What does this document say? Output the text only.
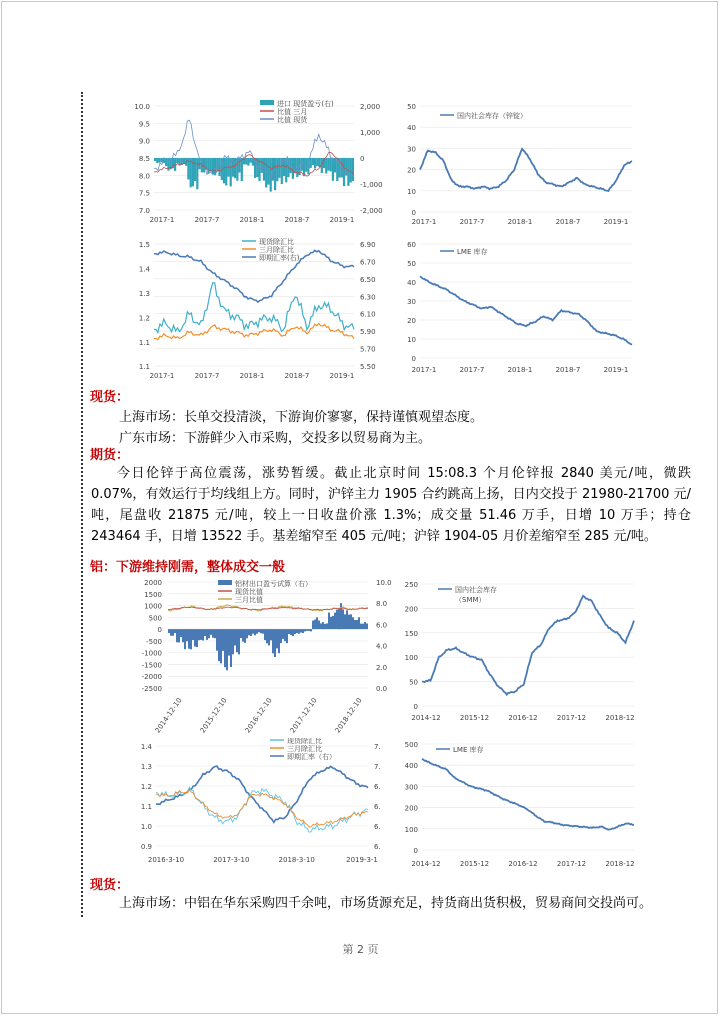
10.0
9.5
9.0
8.5
8.0
7.5
7.0
2,000
1,000
0
-1,000
-2,000
2017-1	2017-7	2018-1	2018-7	2019-1
进口 现货盈亏(右)
比值 三月
比值 现货
50
40
30
20
10
0
2017-1	2017-7	2018-1	2018-7	2019-1
国内社会库存（锌锭）
1.5
1.4
1.3
1.2
1.1
1.1
6.90
6.70
6.50
6.30
6.10
5.90
5.70
5.50
2017-1	2017-7	2018-1	2018-7	2019-1
现货除汇比
三月除汇比
即期汇率(右)
60
50
40
30
20
10
0
2017-1	2017-7	2018-1	2018-7	2019-1
LME 库存
现货：
上海市场：长单交投清淡，下游询价寥寥，保持谨慎观望态度。
广东市场：下游鲜少入市采购，交投多以贸易商为主。
期货：
今日伦锌于高位震荡，涨势暂缓。截止北京时间 15:08.3 个月伦锌报 2840 美元/吨，微跌 0.07%，有效运行于均线组上方。同时，沪锌主力 1905 合约跳高上扬，日内交投于 21980-21700 元/吨，尾盘收 21875 元/吨，较上一日收盘价涨 1.3%；成交量 51.46 万手，日增 10 万手；持仓 243464 手，日增 13522 手。基差缩窄至 405 元/吨；沪锌 1904-05 月价差缩窄至 285 元/吨。
铝：下游维持刚需，整体成交一般
2000
1500
1000
500
0
-500
-1000
-1500
-2000
-2500
10.0
8.0
6.0
4.0
2.0
0.0
2014-12-10 2015-12-10 2016-12-10 2017-12-10 2018-12-10
铝材出口盈亏试算（右）
现货比值
三月比值
250
200
150
100
50
0
2014-12	2015-12	2016-12	2017-12	2018-12
国内社会库存
（SMM）
1.4
1.3
1.2
1.1
1.0
0.9
7.
7.
6.
6.
6.
6.
2016-3-10	2017-3-10	2018-3-10	2019-3-1
现货除汇比
三月除汇比
即期汇率（右）
500
400
300
200
100
0
2014-12	2015-12	2016-12	2017-12	2018-12
LME 库存
现货：
上海市场：中铝在华东采购四千余吨，市场货源充足，持货商出货积极，贸易商间交投尚可。
第 2 页
